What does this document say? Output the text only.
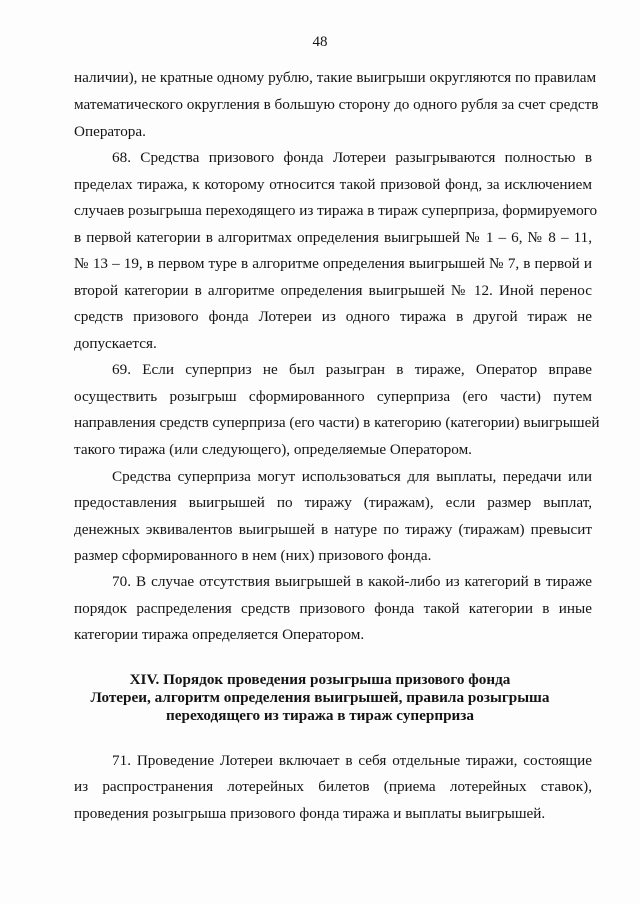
48
наличии), не кратные одному рублю, такие выигрыши округляются по правилам
математического округления в большую сторону до одного рубля за счет средств
Оператора.
68. Средства призового фонда Лотереи разыгрываются полностью в
пределах тиража, к которому относится такой призовой фонд, за исключением
случаев розыгрыша переходящего из тиража в тираж суперприза, формируемого
в первой категории в алгоритмах определения выигрышей № 1 – 6, № 8 – 11,
№ 13 – 19, в первом туре в алгоритме определения выигрышей № 7, в первой и
второй категории в алгоритме определения выигрышей № 12. Иной перенос
средств призового фонда Лотереи из одного тиража в другой тираж не
допускается.
69. Если суперприз не был разыгран в тираже, Оператор вправе
осуществить розыгрыш сформированного суперприза (его части) путем
направления средств суперприза (его части) в категорию (категории) выигрышей
такого тиража (или следующего), определяемые Оператором.
Средства суперприза могут использоваться для выплаты, передачи или
предоставления выигрышей по тиражу (тиражам), если размер выплат,
денежных эквивалентов выигрышей в натуре по тиражу (тиражам) превысит
размер сформированного в нем (них) призового фонда.
70. В случае отсутствия выигрышей в какой-либо из категорий в тираже
порядок распределения средств призового фонда такой категории в иные
категории тиража определяется Оператором.
XIV. Порядок проведения розыгрыша призового фонда
Лотереи, алгоритм определения выигрышей, правила розыгрыша
переходящего из тиража в тираж суперприза
71. Проведение Лотереи включает в себя отдельные тиражи, состоящие
из распространения лотерейных билетов (приема лотерейных ставок),
проведения розыгрыша призового фонда тиража и выплаты выигрышей.
